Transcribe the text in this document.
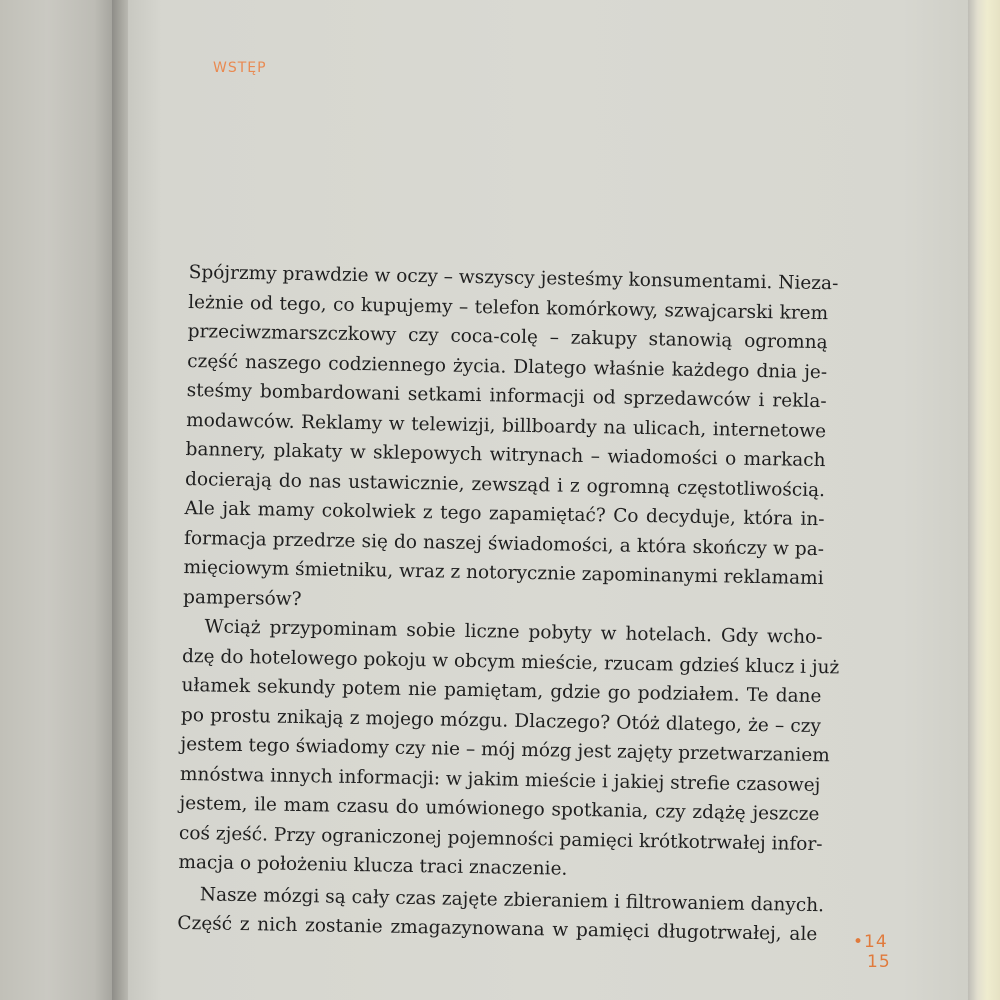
WSTĘP
Spójrzmy prawdzie w oczy – wszyscy jesteśmy konsumentami. Nieza-
leżnie od tego, co kupujemy – telefon komórkowy, szwajcarski krem
przeciwzmarszczkowy czy coca-colę – zakupy stanowią ogromną
część naszego codziennego życia. Dlatego właśnie każdego dnia je-
steśmy bombardowani setkami informacji od sprzedawców i rekla-
modawców. Reklamy w telewizji, billboardy na ulicach, internetowe
bannery, plakaty w sklepowych witrynach – wiadomości o markach
docierają do nas ustawicznie, zewsząd i z ogromną częstotliwością.
Ale jak mamy cokolwiek z tego zapamiętać? Co decyduje, która in-
formacja przedrze się do naszej świadomości, a która skończy w pa-
mięciowym śmietniku, wraz z notorycznie zapominanymi reklamami
pampersów?
Wciąż przypominam sobie liczne pobyty w hotelach. Gdy wcho-
dzę do hotelowego pokoju w obcym mieście, rzucam gdzieś klucz i już
ułamek sekundy potem nie pamiętam, gdzie go podziałem. Te dane
po prostu znikają z mojego mózgu. Dlaczego? Otóż dlatego, że – czy
jestem tego świadomy czy nie – mój mózg jest zajęty przetwarzaniem
mnóstwa innych informacji: w jakim mieście i jakiej strefie czasowej
jestem, ile mam czasu do umówionego spotkania, czy zdążę jeszcze
coś zjeść. Przy ograniczonej pojemności pamięci krótkotrwałej infor-
macja o położeniu klucza traci znaczenie.
Nasze mózgi są cały czas zajęte zbieraniem i filtrowaniem danych.
Część z nich zostanie zmagazynowana w pamięci długotrwałej, ale •14
15
